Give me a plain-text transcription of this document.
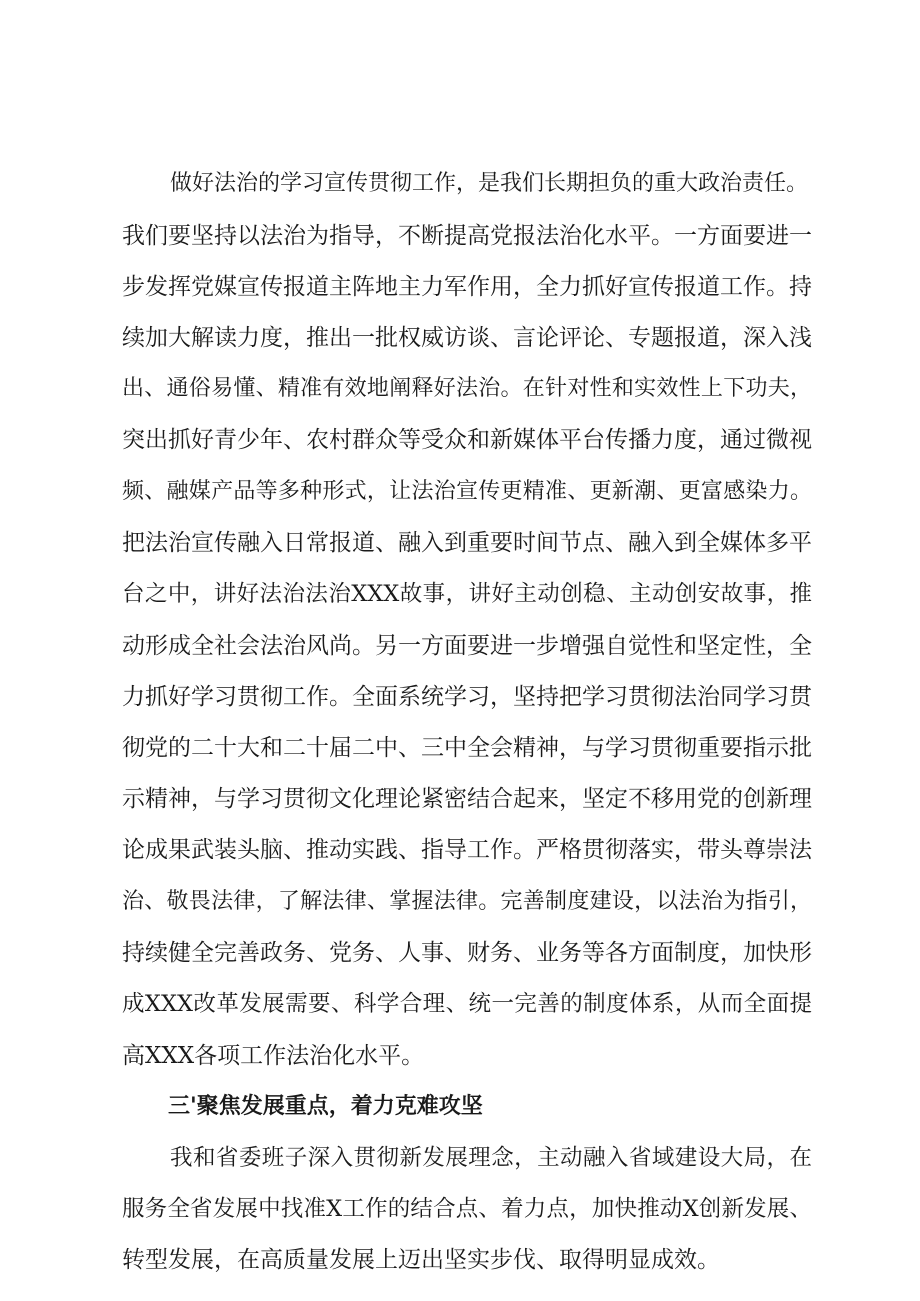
做好法治的学习宣传贯彻工作，是我们长期担负的重大政治责任。
我们要坚持以法治为指导，不断提高党报法治化水平。一方面要进一
步发挥党媒宣传报道主阵地主力军作用，全力抓好宣传报道工作。持
续加大解读力度，推出一批权威访谈、言论评论、专题报道，深入浅
出、通俗易懂、精准有效地阐释好法治。在针对性和实效性上下功夫，
突出抓好青少年、农村群众等受众和新媒体平台传播力度，通过微视
频、融媒产品等多种形式，让法治宣传更精准、更新潮、更富感染力。
把法治宣传融入日常报道、融入到重要时间节点、融入到全媒体多平
台之中，讲好法治法治XXX故事，讲好主动创稳、主动创安故事，推
动形成全社会法治风尚。另一方面要进一步增强自觉性和坚定性，全
力抓好学习贯彻工作。全面系统学习，坚持把学习贯彻法治同学习贯
彻党的二十大和二十届二中、三中全会精神，与学习贯彻重要指示批
示精神，与学习贯彻文化理论紧密结合起来，坚定不移用党的创新理
论成果武装头脑、推动实践、指导工作。严格贯彻落实，带头尊崇法
治、敬畏法律，了解法律、掌握法律。完善制度建设，以法治为指引，
持续健全完善政务、党务、人事、财务、业务等各方面制度，加快形
成XXX改革发展需要、科学合理、统一完善的制度体系，从而全面提
高XXX各项工作法治化水平。
三'聚焦发展重点，着力克难攻坚
我和省委班子深入贯彻新发展理念，主动融入省域建设大局，在
服务全省发展中找准X工作的结合点、着力点，加快推动X创新发展、
转型发展，在高质量发展上迈出坚实步伐、取得明显成效。
